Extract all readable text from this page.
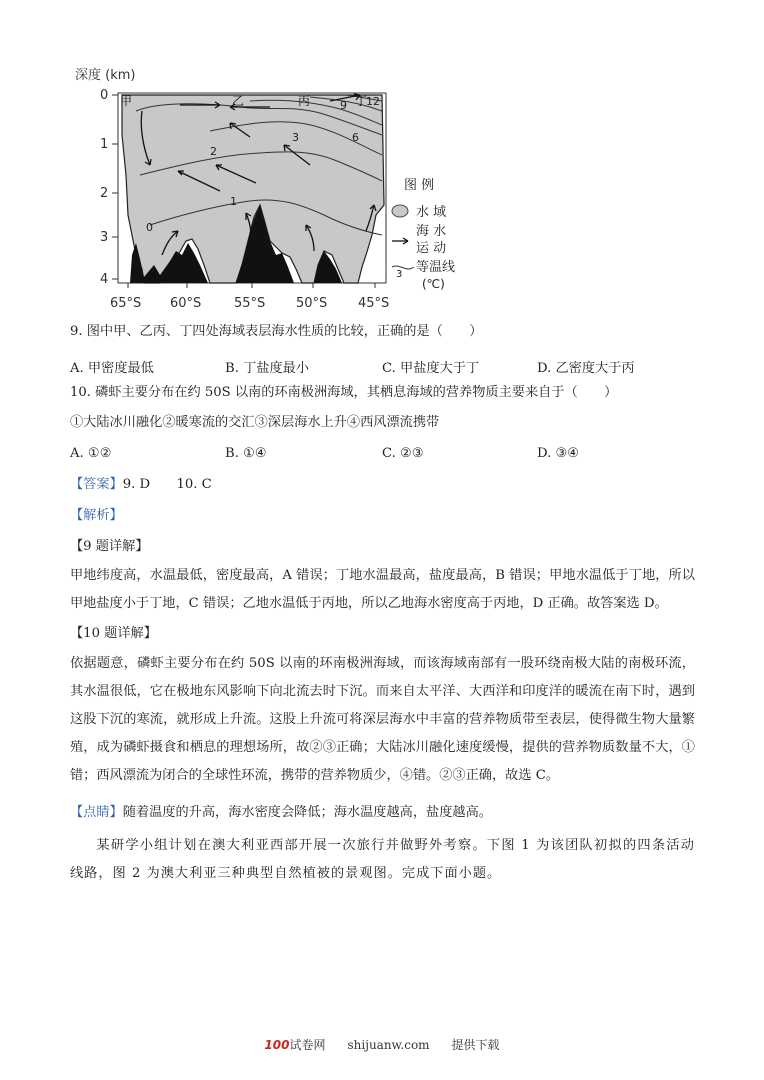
深度 (km)
0
1
2
3
4
0
1
2
3	6
9 12
甲	乙	丙	丁
65°S 60°S	55°S 50°S 45°S
图 例
水 域
海 水
运 动
3 等温线
(℃)
9. 图中甲、乙丙、丁四处海域表层海水性质的比较，正确的是（　　）
A. 甲密度最低	B. 丁盐度最小	C. 甲盐度大于丁	D. 乙密度大于丙
10. 磷虾主要分布在约 50S 以南的环南极洲海域，其栖息海域的营养物质主要来自于（　　）
①大陆冰川融化②暖寒流的交汇③深层海水上升④西风漂流携带
A. ①②	B. ①④	C. ②③	D. ③④
【答案】9. D　　10. C
【解析】
【9 题详解】
甲地纬度高，水温最低，密度最高，A 错误；丁地水温最高，盐度最高，B 错误；甲地水温低于丁地，所以甲地盐度小于丁地，C 错误；乙地水温低于丙地，所以乙地海水密度高于丙地，D 正确。故答案选 D。
【10 题详解】
依据题意，磷虾主要分布在约 50S 以南的环南极洲海域，而该海域南部有一股环绕南极大陆的南极环流，其水温很低，它在极地东风影响下向北流去时下沉。而来自太平洋、大西洋和印度洋的暖流在南下时，遇到这股下沉的寒流，就形成上升流。这股上升流可将深层海水中丰富的营养物质带至表层，使得微生物大量繁殖，成为磷虾摄食和栖息的理想场所，故②③正确；大陆冰川融化速度缓慢，提供的营养物质数量不大，①错；西风漂流为闭合的全球性环流，携带的营养物质少，④错。②③正确，故选 C。
【点睛】随着温度的升高，海水密度会降低；海水温度越高，盐度越高。
某研学小组计划在澳大利亚西部开展一次旅行并做野外考察。下图 1 为该团队初拟的四条活动线路，图 2 为澳大利亚三种典型自然植被的景观图。完成下面小题。
100试卷网 shijuanw.com 提供下载
